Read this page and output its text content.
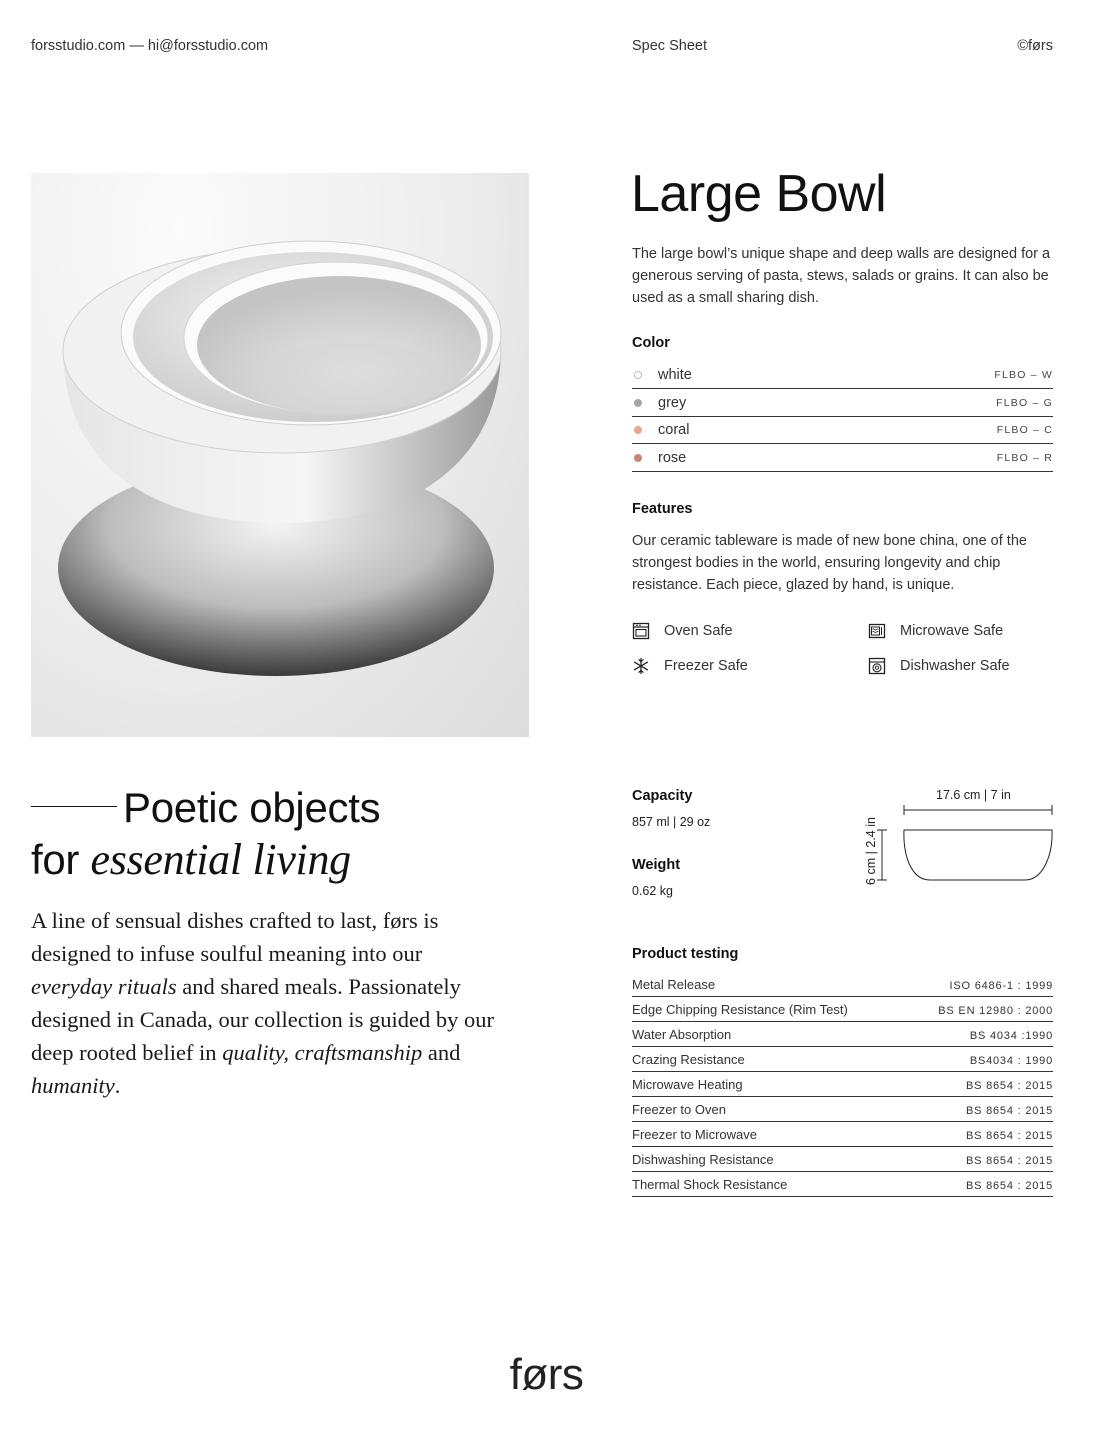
forsstudio.com — hi@forsstudio.com	Spec Sheet	©førs
Large Bowl
The large bowl’s unique shape and deep walls are designed for a generous serving of pasta, stews, salads or grains. It can also be used as a small sharing dish.
Color
white	FLBO – W
grey	FLBO – G
coral	FLBO – C
rose	FLBO – R
Features
Our ceramic tableware is made of new bone china, one of the strongest bodies in the world, ensuring longevity and chip resistance. Each piece, glazed by hand, is unique.
Oven Safe	Microwave Safe
Freezer Safe	Dishwasher Safe
Poetic objects
for essential living
A line of sensual dishes crafted to last, førs is designed to infuse soulful meaning into our everyday rituals and shared meals. Passionately designed in Canada, our collection is guided by our deep rooted belief in quality, craftsmanship and humanity.
Capacity
857 ml | 29 oz
Weight
0.62 kg
17.6 cm | 7 in
6 cm | 2.4 in
Product testing
Metal Release	ISO 6486-1 : 1999
Edge Chipping Resistance (Rim Test)	BS EN 12980 : 2000
Water Absorption	BS 4034 :1990
Crazing Resistance	BS4034 : 1990
Microwave Heating	BS 8654 : 2015
Freezer to Oven	BS 8654 : 2015
Freezer to Microwave	BS 8654 : 2015
Dishwashing Resistance	BS 8654 : 2015
Thermal Shock Resistance	BS 8654 : 2015
førs
